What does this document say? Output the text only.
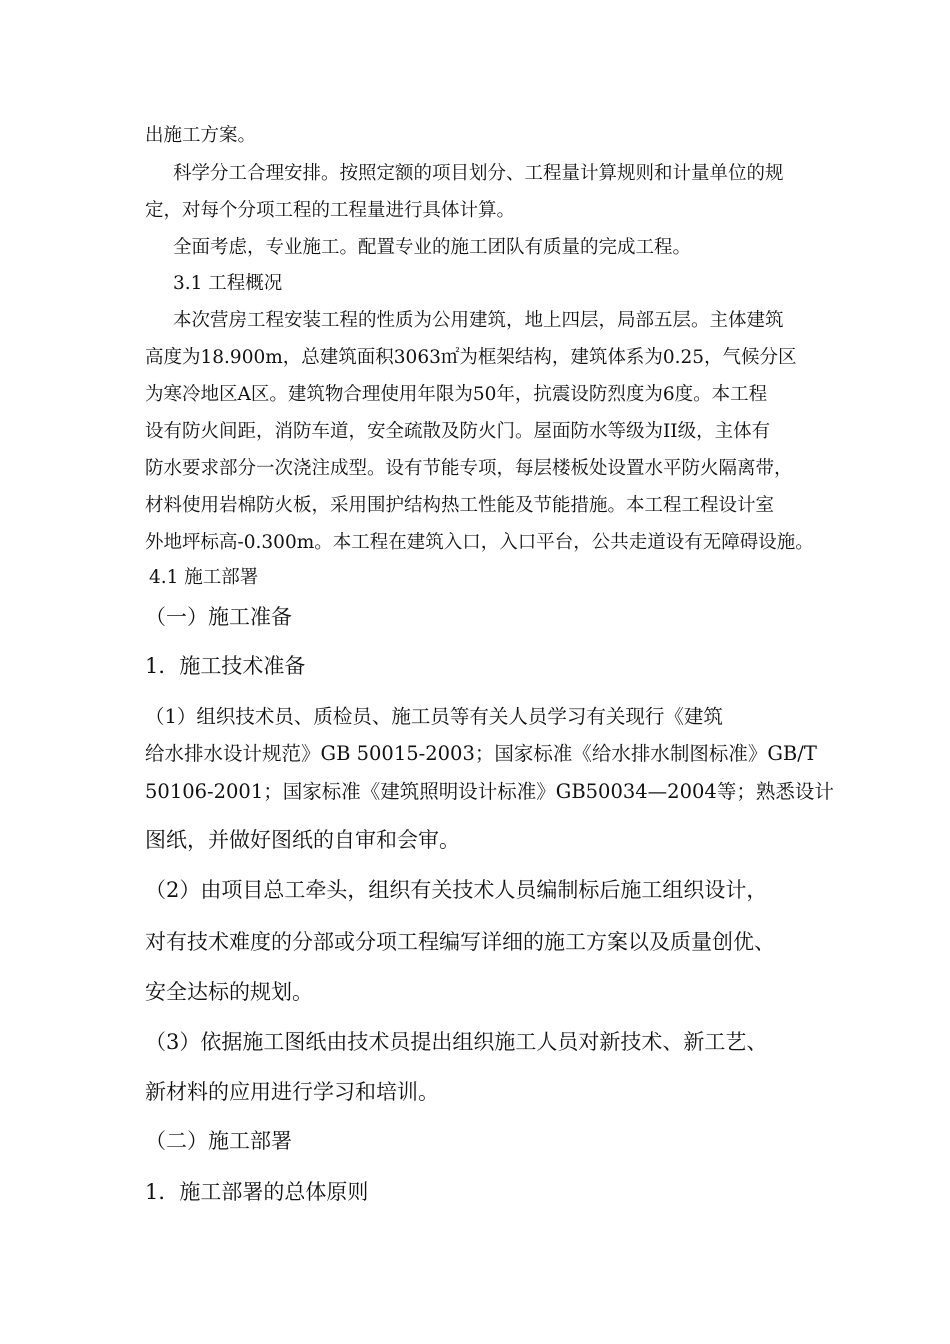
出施工方案。
科学分工合理安排。按照定额的项目划分、工程量计算规则和计量单位的规
定，对每个分项工程的工程量进行具体计算。
全面考虑，专业施工。配置专业的施工团队有质量的完成工程。
3.1 工程概况
本次营房工程安装工程的性质为公用建筑，地上四层，局部五层。主体建筑
高度为18.900m，总建筑面积3063㎡为框架结构，建筑体系为0.25，气候分区
为寒冷地区A区。建筑物合理使用年限为50年，抗震设防烈度为6度。本工程
设有防火间距，消防车道，安全疏散及防火门。屋面防水等级为II级，主体有
防水要求部分一次浇注成型。设有节能专项，每层楼板处设置水平防火隔离带，
材料使用岩棉防火板，采用围护结构热工性能及节能措施。本工程工程设计室
外地坪标高-0.300m。本工程在建筑入口，入口平台，公共走道设有无障碍设施。
4.1 施工部署
（一）施工准备
1．施工技术准备
（1）组织技术员、质检员、施工员等有关人员学习有关现行《建筑
给水排水设计规范》GB 50015-2003；国家标准《给水排水制图标准》GB/T
50106-2001；国家标准《建筑照明设计标准》GB50034—2004等；熟悉设计
图纸，并做好图纸的自审和会审。
（2）由项目总工牵头，组织有关技术人员编制标后施工组织设计，
对有技术难度的分部或分项工程编写详细的施工方案以及质量创优、
安全达标的规划。
（3）依据施工图纸由技术员提出组织施工人员对新技术、新工艺、
新材料的应用进行学习和培训。
（二）施工部署
1．施工部署的总体原则
